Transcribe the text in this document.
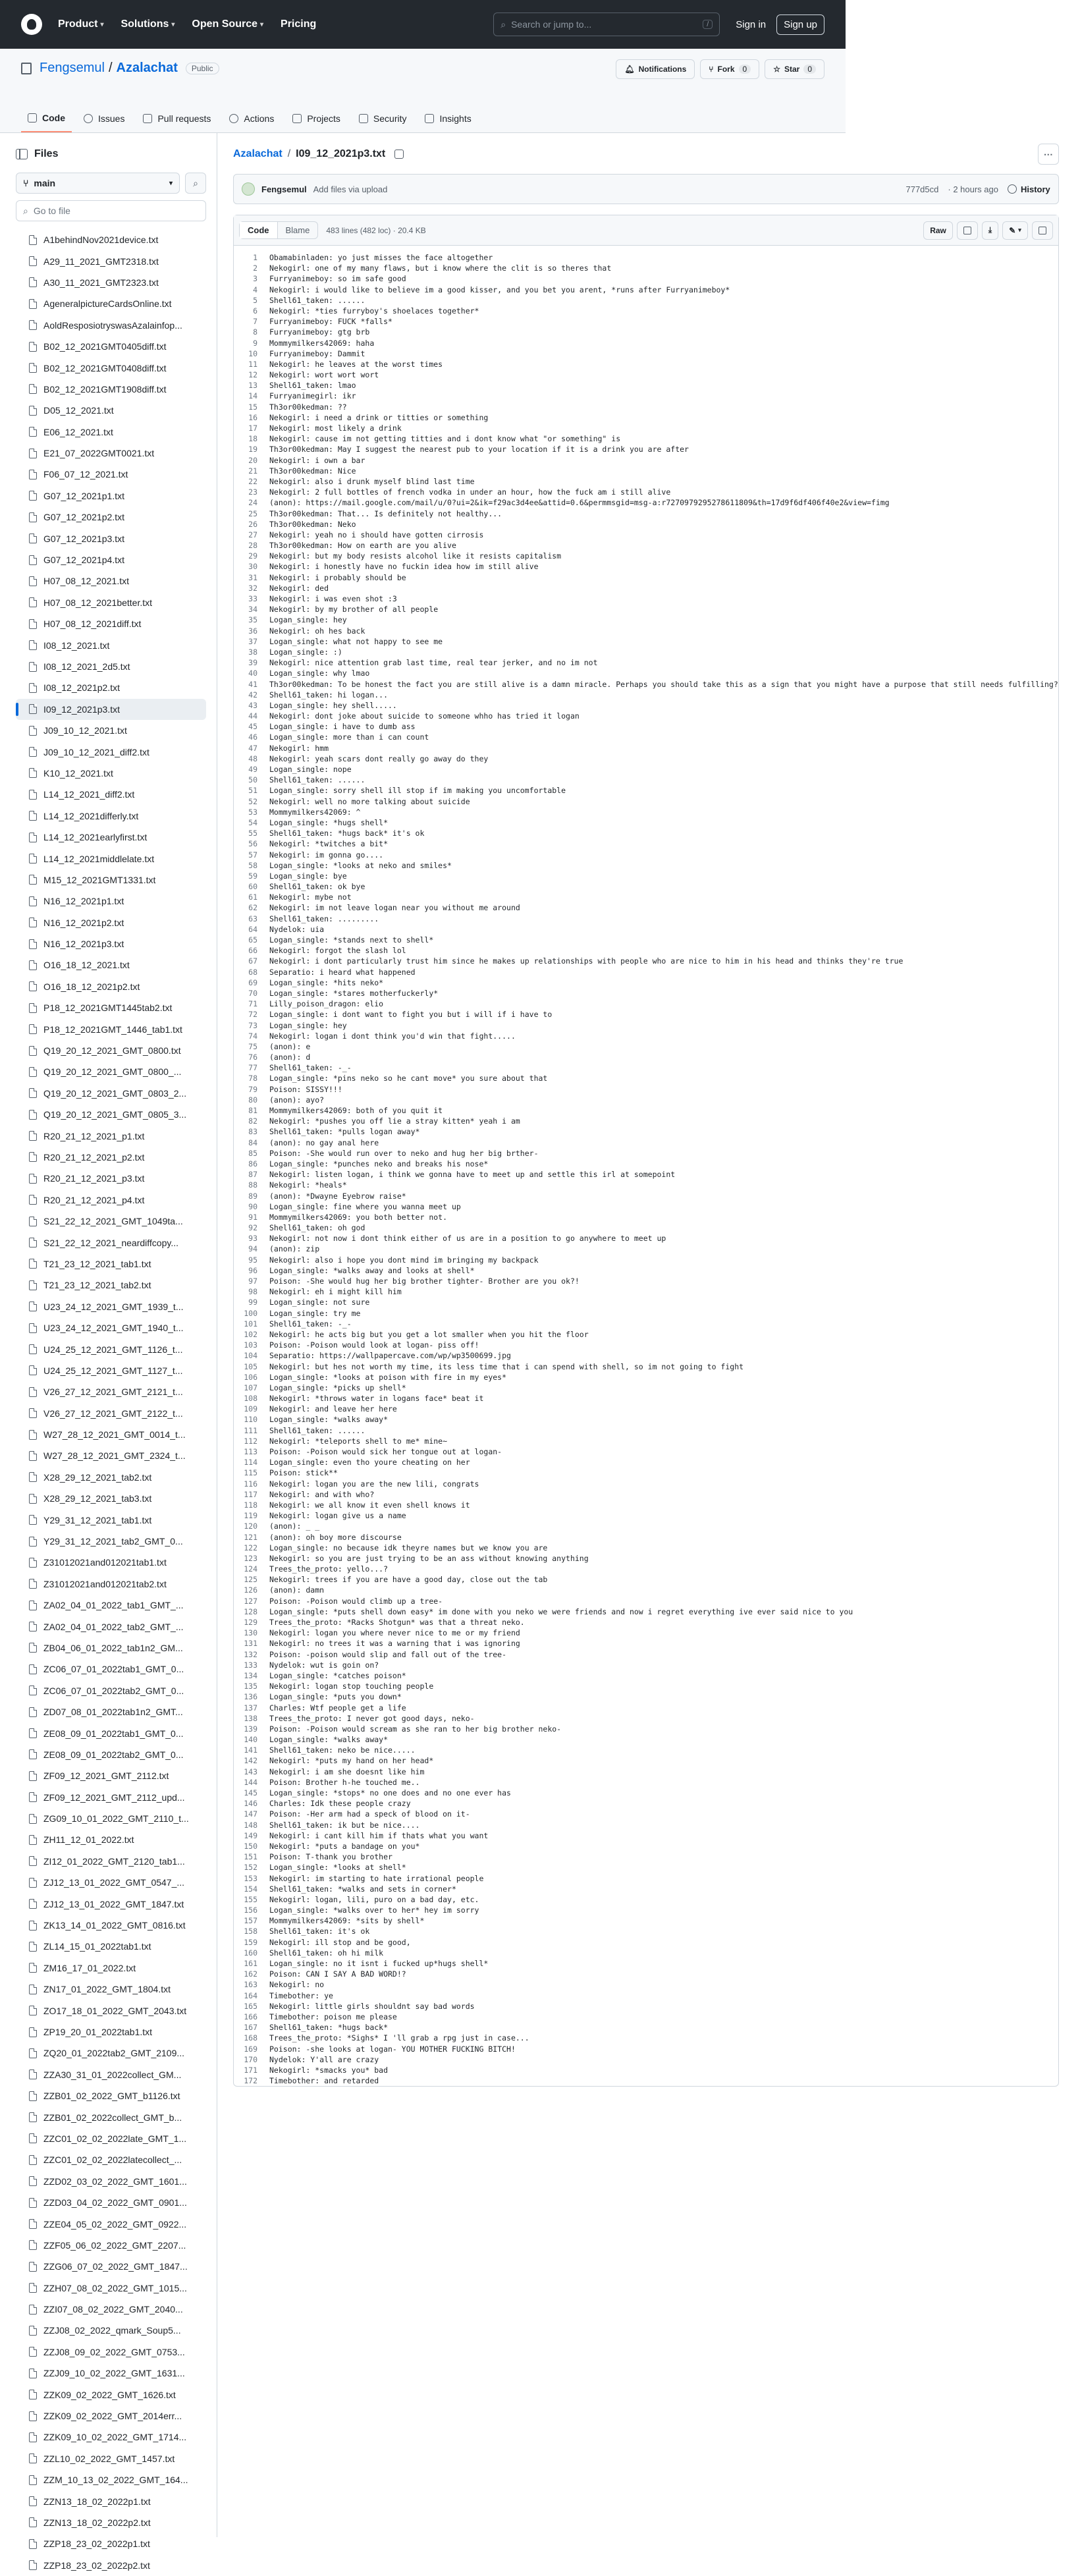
Product ▾ Solutions ▾ Open Source ▾ Pricing	⌕ Search or jump to...	/	Sign in	Sign up
Fengsemul / Azalachat	Public	🔔︎ Notifications	⑂ Fork	0	☆ Star	0
Code	Issues	Pull requests	Actions	Projects	Security	Insights
Files
⑂ main	▾ ⌕
⌕ Go to file
A1behindNov2021device.txt
A29_11_2021_GMT2318.txt
A30_11_2021_GMT2323.txt
AgeneralpictureCardsOnline.txt
AoldResposiotryswasAzalainfop...
B02_12_2021GMT0405diff.txt
B02_12_2021GMT0408diff.txt
B02_12_2021GMT1908diff.txt
D05_12_2021.txt
E06_12_2021.txt
E21_07_2022GMT0021.txt
F06_07_12_2021.txt
G07_12_2021p1.txt
G07_12_2021p2.txt
G07_12_2021p3.txt
G07_12_2021p4.txt
H07_08_12_2021.txt
H07_08_12_2021better.txt
H07_08_12_2021diff.txt
I08_12_2021.txt
I08_12_2021_2d5.txt
I08_12_2021p2.txt
I09_12_2021p3.txt
J09_10_12_2021.txt
J09_10_12_2021_diff2.txt
K10_12_2021.txt
L14_12_2021_diff2.txt
L14_12_2021differly.txt
L14_12_2021earlyfirst.txt
L14_12_2021middlelate.txt
M15_12_2021GMT1331.txt
N16_12_2021p1.txt
N16_12_2021p2.txt
N16_12_2021p3.txt
O16_18_12_2021.txt
O16_18_12_2021p2.txt
P18_12_2021GMT1445tab2.txt
P18_12_2021GMT_1446_tab1.txt
Q19_20_12_2021_GMT_0800.txt
Q19_20_12_2021_GMT_0800_...
Q19_20_12_2021_GMT_0803_2...
Q19_20_12_2021_GMT_0805_3...
R20_21_12_2021_p1.txt
R20_21_12_2021_p2.txt
R20_21_12_2021_p3.txt
R20_21_12_2021_p4.txt
S21_22_12_2021_GMT_1049ta...
S21_22_12_2021_neardiffcopy...
T21_23_12_2021_tab1.txt
T21_23_12_2021_tab2.txt
U23_24_12_2021_GMT_1939_t...
U23_24_12_2021_GMT_1940_t...
U24_25_12_2021_GMT_1126_t...
U24_25_12_2021_GMT_1127_t...
V26_27_12_2021_GMT_2121_t...
V26_27_12_2021_GMT_2122_t...
W27_28_12_2021_GMT_0014_t...
W27_28_12_2021_GMT_2324_t...
X28_29_12_2021_tab2.txt
X28_29_12_2021_tab3.txt
Y29_31_12_2021_tab1.txt
Y29_31_12_2021_tab2_GMT_0...
Z31012021and012021tab1.txt
Z31012021and012021tab2.txt
ZA02_04_01_2022_tab1_GMT_...
ZA02_04_01_2022_tab2_GMT_...
ZB04_06_01_2022_tab1n2_GM...
ZC06_07_01_2022tab1_GMT_0...
ZC06_07_01_2022tab2_GMT_0...
ZD07_08_01_2022tab1n2_GMT...
ZE08_09_01_2022tab1_GMT_0...
ZE08_09_01_2022tab2_GMT_0...
ZF09_12_2021_GMT_2112.txt
ZF09_12_2021_GMT_2112_upd...
ZG09_10_01_2022_GMT_2110_t...
ZH11_12_01_2022.txt
ZI12_01_2022_GMT_2120_tab1...
ZJ12_13_01_2022_GMT_0547_...
ZJ12_13_01_2022_GMT_1847.txt
ZK13_14_01_2022_GMT_0816.txt
ZL14_15_01_2022tab1.txt
ZM16_17_01_2022.txt
ZN17_01_2022_GMT_1804.txt
ZO17_18_01_2022_GMT_2043.txt
ZP19_20_01_2022tab1.txt
ZQ20_01_2022tab2_GMT_2109...
ZZA30_31_01_2022collect_GM...
ZZB01_02_2022_GMT_b1126.txt
ZZB01_02_2022collect_GMT_b...
ZZC01_02_02_2022late_GMT_1...
ZZC01_02_02_2022latecollect_...
ZZD02_03_02_2022_GMT_1601...
ZZD03_04_02_2022_GMT_0901...
ZZE04_05_02_2022_GMT_0922...
ZZF05_06_02_2022_GMT_2207...
ZZG06_07_02_2022_GMT_1847...
ZZH07_08_02_2022_GMT_1015...
ZZI07_08_02_2022_GMT_2040...
ZZJ08_02_2022_qmark_Soup5...
ZZJ08_09_02_2022_GMT_0753...
ZZJ09_10_02_2022_GMT_1631...
ZZK09_02_2022_GMT_1626.txt
ZZK09_02_2022_GMT_2014err...
ZZK09_10_02_2022_GMT_1714...
ZZL10_02_2022_GMT_1457.txt
ZZM_10_13_02_2022_GMT_164...
ZZN13_18_02_2022p1.txt
ZZN13_18_02_2022p2.txt
ZZP18_23_02_2022p1.txt
ZZP18_23_02_2022p2.txt
Azalachat / I09_12_2021p3.txt	⋯
Fengsemul Add files via upload	777d5cd · 2 hours ago	History
Code	Blame	483 lines (482 loc) · 20.4 KB	Raw	⤓ ✎ ▾
1	Obamabinladen: yo just misses the face altogether
2	Nekogirl: one of my many flaws, but i know where the clit is so theres that
3	Furryanimeboy: so im safe good
4	Nekogirl: i would like to believe im a good kisser, and you bet you arent, *runs after Furryanimeboy*
5	Shell61_taken: ......
6	Nekogirl: *ties furryboy's shoelaces together*
7	Furryanimeboy: FUCK *falls*
8	Furryanimeboy: gtg brb
9	Mommymilkers42069: haha
10	Furryanimeboy: Dammit
11	Nekogirl: he leaves at the worst times
12	Nekogirl: wort wort wort
13	Shell61_taken: lmao
14	Furryanimegirl: ikr
15	Th3or00kedman: ??
16	Nekogirl: i need a drink or titties or something
17	Nekogirl: most likely a drink
18	Nekogirl: cause im not getting titties and i dont know what "or something" is
19	Th3or00kedman: May I suggest the nearest pub to your location if it is a drink you are after
20	Nekogirl: i own a bar
21	Th3or00kedman: Nice
22	Nekogirl: also i drunk myself blind last time
23	Nekogirl: 2 full bottles of french vodka in under an hour, how the fuck am i still alive
24	(anon): https://mail.google.com/mail/u/0?ui=2&ik=f29ac3d4ee&attid=0.6&permmsgid=msg-a:r7270979295278611809&th=17d9f6df406f40e2&view=fimg
25	Th3or00kedman: That... Is definitely not healthy...
26	Th3or00kedman: Neko
27	Nekogirl: yeah no i should have gotten cirrosis
28	Th3or00kedman: How on earth are you alive
29	Nekogirl: but my body resists alcohol like it resists capitalism
30	Nekogirl: i honestly have no fuckin idea how im still alive
31	Nekogirl: i probably should be
32	Nekogirl: ded
33	Nekogirl: i was even shot :3
34	Nekogirl: by my brother of all people
35	Logan_single: hey
36	Nekogirl: oh hes back
37	Logan_single: what not happy to see me
38	Logan_single: :)
39	Nekogirl: nice attention grab last time, real tear jerker, and no im not
40	Logan_single: why lmao
41	Th3or00kedman: To be honest the fact you are still alive is a damn miracle. Perhaps you should take this as a sign that you might have a purpose that still needs fulfilling?
42	Shell61_taken: hi logan...
43	Logan_single: hey shell.....
44	Nekogirl: dont joke about suicide to someone whho has tried it logan
45	Logan_single: i have to dumb ass
46	Logan_single: more than i can count
47	Nekogirl: hmm
48	Nekogirl: yeah scars dont really go away do they
49	Logan_single: nope
50	Shell61_taken: ......
51	Logan_single: sorry shell ill stop if im making you uncomfortable
52	Nekogirl: well no more talking about suicide
53	Mommymilkers42069: ^
54	Logan_single: *hugs shell*
55	Shell61_taken: *hugs back* it's ok
56	Nekogirl: *twitches a bit*
57	Nekogirl: im gonna go....
58	Logan_single: *looks at neko and smiles*
59	Logan_single: bye
60	Shell61_taken: ok bye
61	Nekogirl: mybe not
62	Nekogirl: im not leave logan near you without me around
63	Shell61_taken: .........
64	Nydelok: uia
65	Logan_single: *stands next to shell*
66	Nekogirl: forgot the slash lol
67	Nekogirl: i dont particularly trust him since he makes up relationships with people who are nice to him in his head and thinks they're true
68	Separatio: i heard what happened
69	Logan_single: *hits neko*
70	Logan_single: *stares motherfuckerly*
71	Lilly_poison_dragon: elio
72	Logan_single: i dont want to fight you but i will if i have to
73	Logan_single: hey
74	Nekogirl: logan i dont think you'd win that fight.....
75	(anon): e
76	(anon): d
77	Shell61_taken: -_-
78	Logan_single: *pins neko so he cant move* you sure about that
79	Poison: SISSY!!!
80	(anon): ayo?
81	Mommymilkers42069: both of you quit it
82	Nekogirl: *pushes you off lie a stray kitten* yeah i am
83	Shell61_taken: *pulls logan away*
84	(anon): no gay anal here
85	Poison: -She would run over to neko and hug her big brther-
86	Logan_single: *punches neko and breaks his nose*
87	Nekogirl: listen logan, i think we gonna have to meet up and settle this irl at somepoint
88	Nekogirl: *heals*
89	(anon): *Dwayne Eyebrow raise*
90	Logan_single: fine where you wanna meet up
91	Mommymilkers42069: you both better not.
92	Shell61_taken: oh god
93	Nekogirl: not now i dont think either of us are in a position to go anywhere to meet up
94	(anon): zip
95	Nekogirl: also i hope you dont mind im bringing my backpack
96	Logan_single: *walks away and looks at shell*
97	Poison: -She would hug her big brother tighter- Brother are you ok?!
98	Nekogirl: eh i might kill him
99	Logan_single: not sure
100	Logan_single: try me
101	Shell61_taken: -_-
102	Nekogirl: he acts big but you get a lot smaller when you hit the floor
103	Poison: -Poison would look at logan- piss off!
104	Separatio: https://wallpapercave.com/wp/wp3500699.jpg
105	Nekogirl: but hes not worth my time, its less time that i can spend with shell, so im not going to fight
106	Logan_single: *looks at poison with fire in my eyes*
107	Logan_single: *picks up shell*
108	Nekogirl: *throws water in logans face* beat it
109	Nekogirl: and leave her here
110	Logan_single: *walks away*
111	Shell61_taken: ......
112	Nekogirl: *teleports shell to me* mine~
113	Poison: -Poison would sick her tongue out at logan-
114	Logan_single: even tho youre cheating on her
115	Poison: stick**
116	Nekogirl: logan you are the new lili, congrats
117	Nekogirl: and with who?
118	Nekogirl: we all know it even shell knows it
119	Nekogirl: logan give us a name
120	(anon): _ _
121	(anon): oh boy more discourse
122	Logan_single: no because idk theyre names but we know you are
123	Nekogirl: so you are just trying to be an ass without knowing anything
124	Trees_the_proto: yello...?
125	Nekogirl: trees if you are have a good day, close out the tab
126	(anon): damn
127	Poison: -Poison would climb up a tree-
128	Logan_single: *puts shell down easy* im done with you neko we were friends and now i regret everything ive ever said nice to you
129	Trees_the_proto: *Racks Shotgun* was that a threat neko.
130	Nekogirl: logan you where never nice to me or my friend
131	Nekogirl: no trees it was a warning that i was ignoring
132	Poison: -poison would slip and fall out of the tree-
133	Nydelok: wut is goin on?
134	Logan_single: *catches poison*
135	Nekogirl: logan stop touching people
136	Logan_single: *puts you down*
137	Charles: Wtf people get a life
138	Trees_the_proto: I never got good days, neko-
139	Poison: -Poison would scream as she ran to her big brother neko-
140	Logan_single: *walks away*
141	Shell61_taken: neko be nice.....
142	Nekogirl: *puts my hand on her head*
143	Nekogirl: i am she doesnt like him
144	Poison: Brother h-he touched me..
145	Logan_single: *stops* no one does and no one ever has
146	Charles: Idk these people crazy
147	Poison: -Her arm had a speck of blood on it-
148	Shell61_taken: ik but be nice....
149	Nekogirl: i cant kill him if thats what you want
150	Nekogirl: *puts a bandage on you*
151	Poison: T-thank you brother
152	Logan_single: *looks at shell*
153	Nekogirl: im starting to hate irrational people
154	Shell61_taken: *walks and sets in corner*
155	Nekogirl: logan, lili, puro on a bad day, etc.
156	Logan_single: *walks over to her* hey im sorry
157	Mommymilkers42069: *sits by shell*
158	Shell61_taken: it's ok
159	Nekogirl: ill stop and be good,
160	Shell61_taken: oh hi milk
161	Logan_single: no it isnt i fucked up*hugs shell*
162	Poison: CAN I SAY A BAD WORD!?
163	Nekogirl: no
164	Timebother: ye
165	Nekogirl: little girls shouldnt say bad words
166	Timebother: poison me please
167	Shell61_taken: *hugs back*
168	Trees_the_proto: *Sighs* I 'll grab a rpg just in case...
169	Poison: -she looks at logan- YOU MOTHER FUCKING BITCH!
170	Nydelok: Y'all are crazy
171	Nekogirl: *smacks you* bad
172	Timebother: and retarded
